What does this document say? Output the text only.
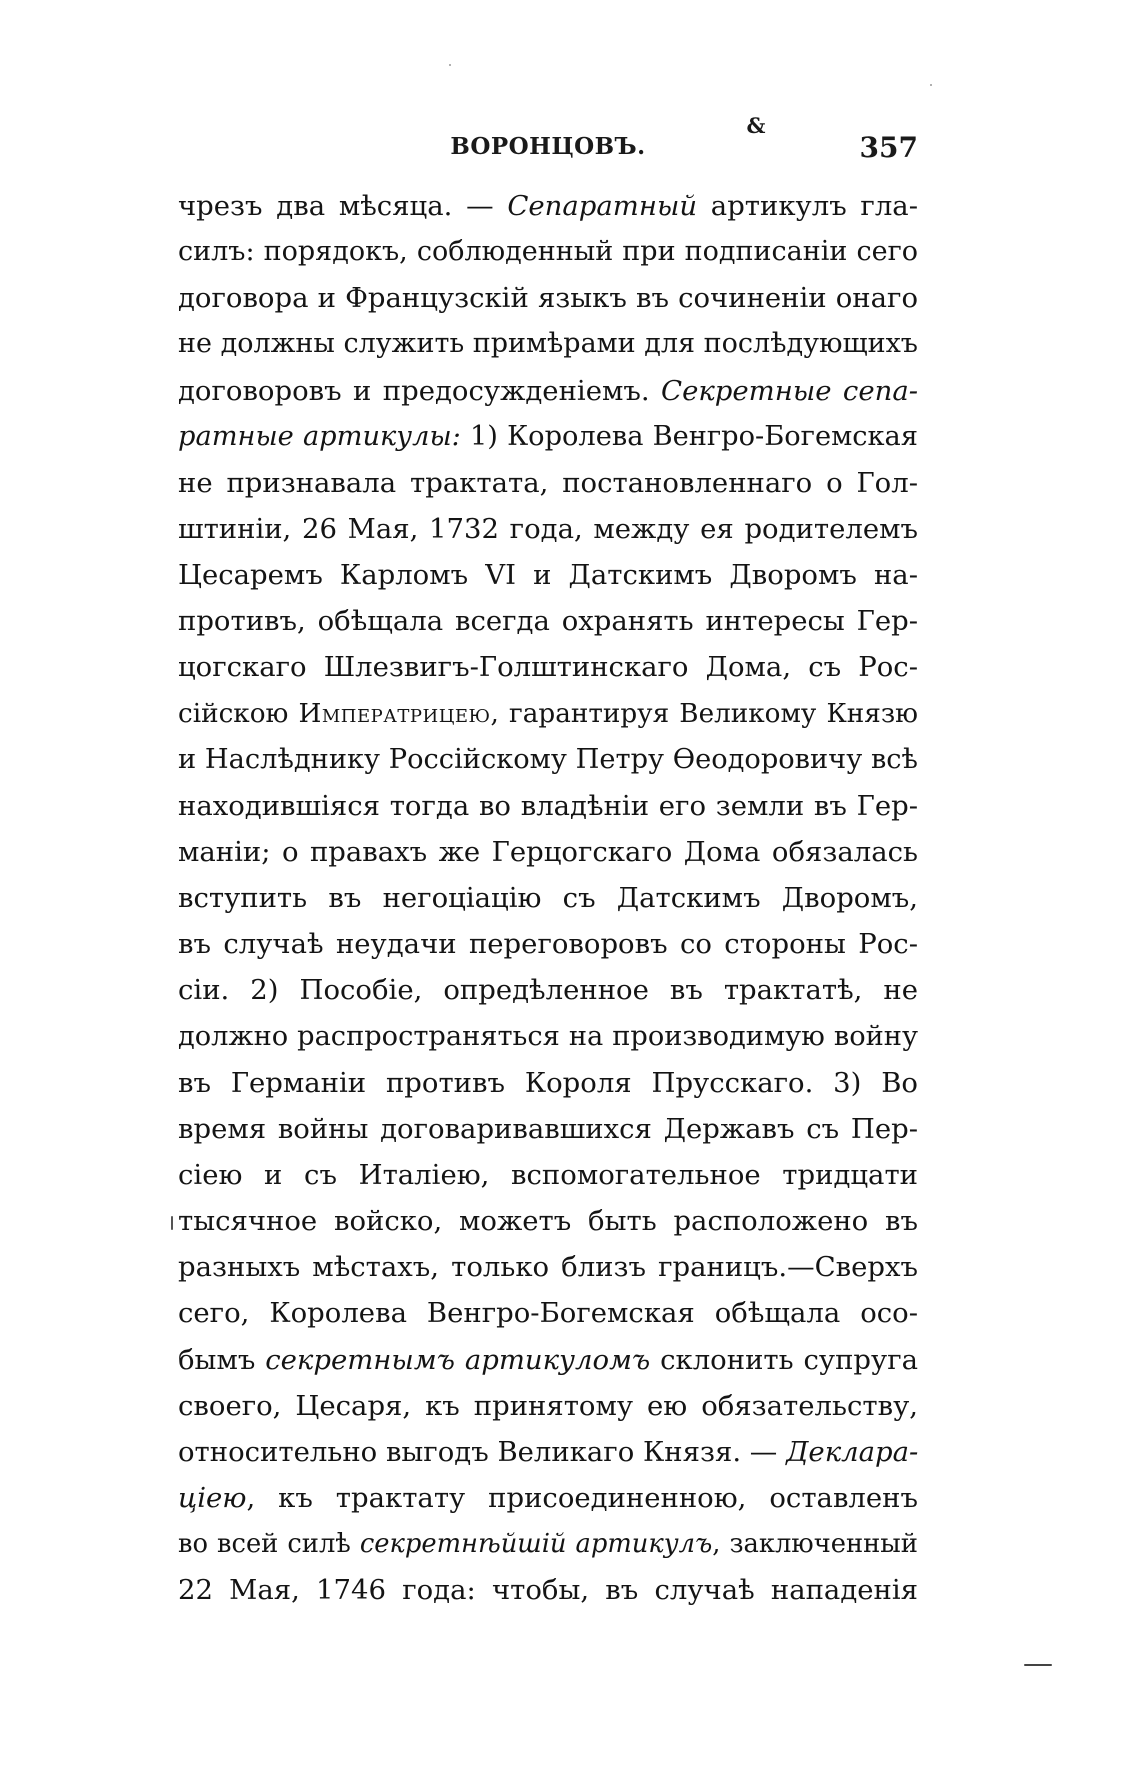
ВОРОНЦОВЪ.
&
357
чрезъ два мѣсяца. — Сепаратный артикулъ гла-
силъ: порядокъ, соблюденный при подписаніи сего
договора и Французскій языкъ въ сочиненіи онаго
не должны служить примѣрами для послѣдующихъ
договоровъ и предосужденіемъ. Секретные сепа-
ратные артикулы: 1) Королева Венгро-Богемская
не признавала трактата, постановленнаго о Гол-
штиніи, 26 Мая, 1732 года, между ея родителемъ
Цесаремъ Карломъ VI и Датскимъ Дворомъ на-
противъ, обѣщала всегда охранять интересы Гер-
цогскаго Шлезвигъ-Голштинскаго Дома, съ Рос-
сійскою Императрицею, гарантируя Великому Князю
и Наслѣднику Россійскому Петру Ѳеодоровичу всѣ
находившіяся тогда во владѣніи его земли въ Гер-
маніи; о правахъ же Герцогскаго Дома обязалась
вступить въ негоціацію съ Датскимъ Дворомъ,
въ случаѣ неудачи переговоровъ со стороны Рос-
сіи. 2) Пособіе, опредѣленное въ трактатѣ, не
должно распространяться на производимую войну
въ Германіи противъ Короля Прусскаго. 3) Во
время войны договаривавшихся Державъ съ Пер-
сіею и съ Италіею, вспомогательное тридцати
тысячное войско, можетъ быть расположено въ
разныхъ мѣстахъ, только близъ границъ.—Сверхъ
сего, Королева Венгро-Богемская обѣщала осо-
бымъ секретнымъ артикуломъ склонить супруга
своего, Цесаря, къ принятому ею обязательству,
относительно выгодъ Великаго Князя. — Деклара-
ціею, къ трактату присоединенною, оставленъ
во всей силѣ секретнѣйшій артикулъ, заключенный
22 Мая, 1746 года: чтобы, въ случаѣ нападенія
